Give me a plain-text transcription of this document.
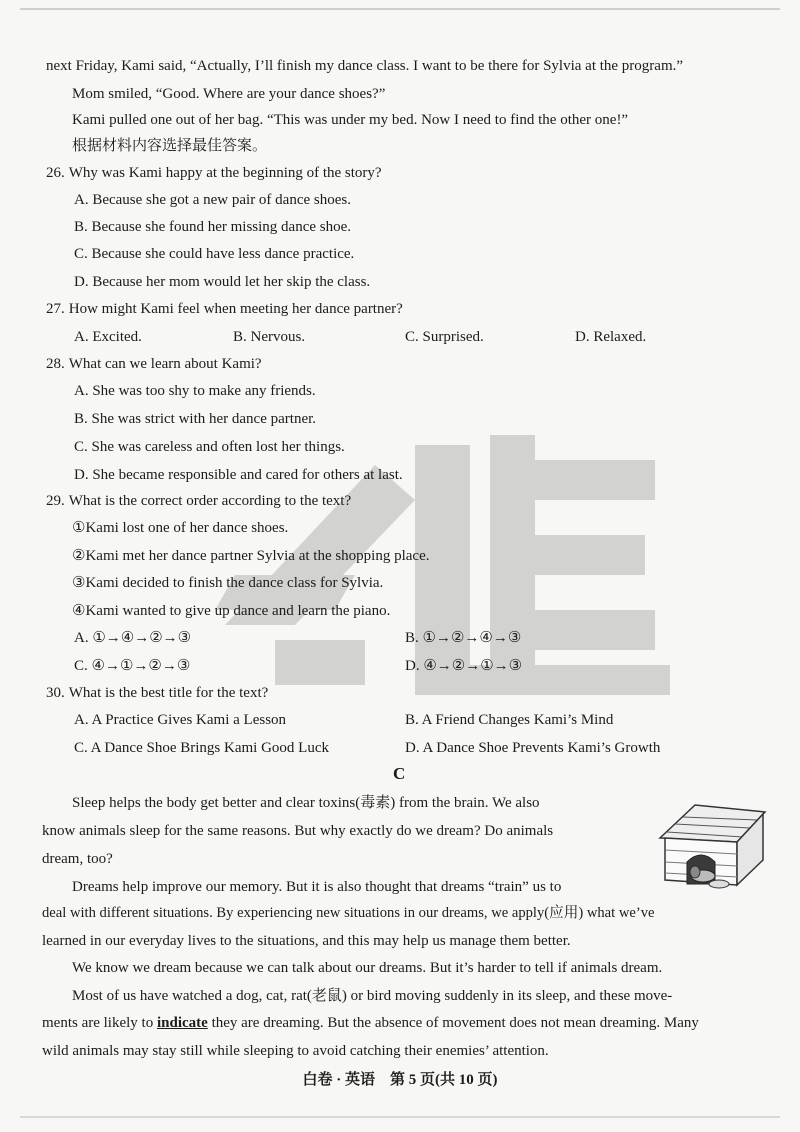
next Friday, Kami said, “Actually, I’ll finish my dance class. I want to be there for Sylvia at the program.”
Mom smiled, “Good. Where are your dance shoes?”
Kami pulled one out of her bag. “This was under my bed. Now I need to find the other one!”
根据材料内容选择最佳答案。
26. Why was Kami happy at the beginning of the story?
A. Because she got a new pair of dance shoes.
B. Because she found her missing dance shoe.
C. Because she could have less dance practice.
D. Because her mom would let her skip the class.
27. How might Kami feel when meeting her dance partner?
A. Excited.	B. Nervous.	C. Surprised.	D. Relaxed.
28. What can we learn about Kami?
A. She was too shy to make any friends.
B. She was strict with her dance partner.
C. She was careless and often lost her things.
D. She became responsible and cared for others at last.
29. What is the correct order according to the text?
①Kami lost one of her dance shoes.
②Kami met her dance partner Sylvia at the shopping place.
③Kami decided to finish the dance class for Sylvia.
④Kami wanted to give up dance and learn the piano.
A. ①→④→②→③	B. ①→②→④→③
C. ④→①→②→③	D. ④→②→①→③
30. What is the best title for the text?
A. A Practice Gives Kami a Lesson	B. A Friend Changes Kami’s Mind
C. A Dance Shoe Brings Kami Good Luck	D. A Dance Shoe Prevents Kami’s Growth
C
Sleep helps the body get better and clear toxins(毒素) from the brain. We also
know animals sleep for the same reasons. But why exactly do we dream? Do animals
dream, too?
Dreams help improve our memory. But it is also thought that dreams “train” us to
deal with different situations. By experiencing new situations in our dreams, we apply(应用) what we’ve
learned in our everyday lives to the situations, and this may help us manage them better.
We know we dream because we can talk about our dreams. But it’s harder to tell if animals dream.
Most of us have watched a dog, cat, rat(老鼠) or bird moving suddenly in its sleep, and these move-
ments are likely to indicate they are dreaming. But the absence of movement does not mean dreaming. Many
wild animals may stay still while sleeping to avoid catching their enemies’ attention.
白卷 · 英语　第 5 页(共 10 页)
